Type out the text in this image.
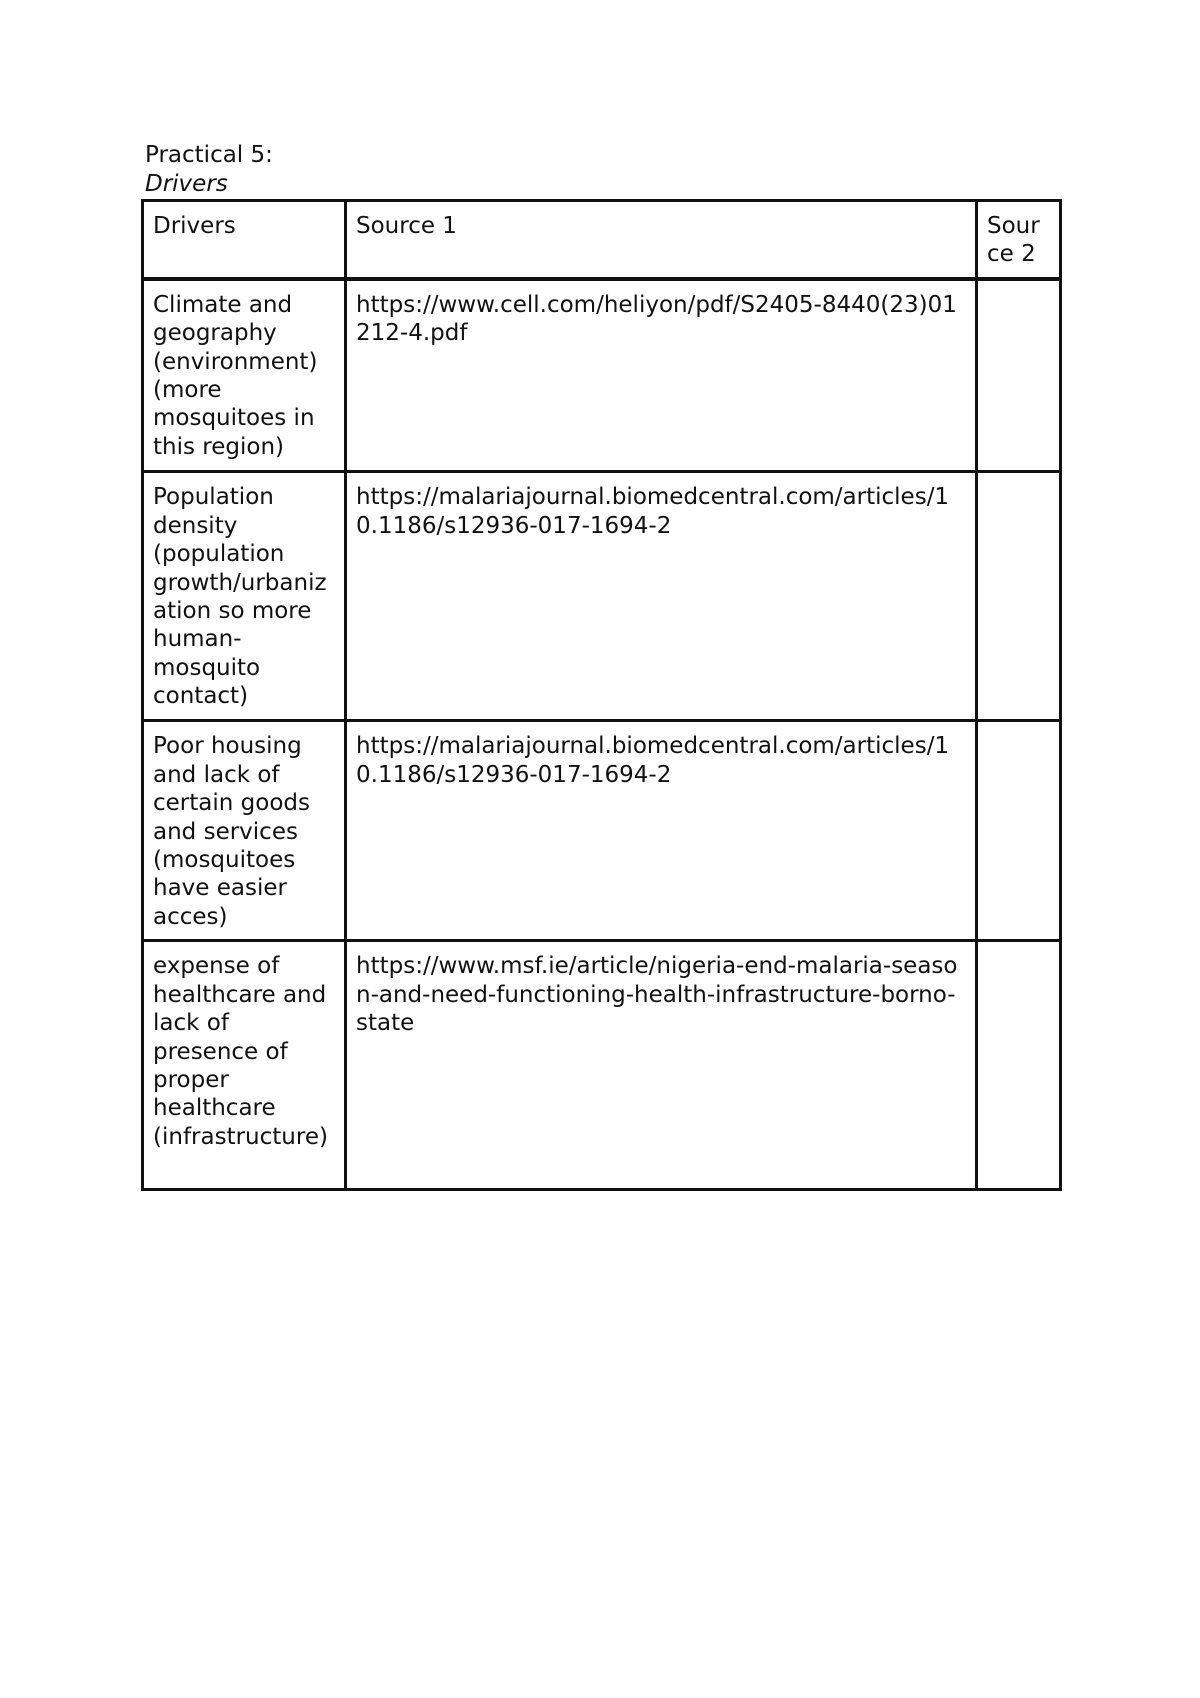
Practical 5:
Drivers
Drivers	Source 1	Sour ce 2
Climate and geography (environment) (more mosquitoes in this region)	https://www.cell.com/heliyon/pdf/S2405-8440(23)01212-4.pdf	
Population density (population growth/urbanization so more human-mosquito contact)	https://malariajournal.biomedcentral.com/articles/10.1186/s12936-017-1694-2	
Poor housing and lack of certain goods and services (mosquitoes have easier acces)	https://malariajournal.biomedcentral.com/articles/10.1186/s12936-017-1694-2	
expense of healthcare and lack of presence of proper healthcare (infrastructure)	https://www.msf.ie/article/nigeria-end-malaria-season-and-need-functioning-health-infrastructure-borno-state	
